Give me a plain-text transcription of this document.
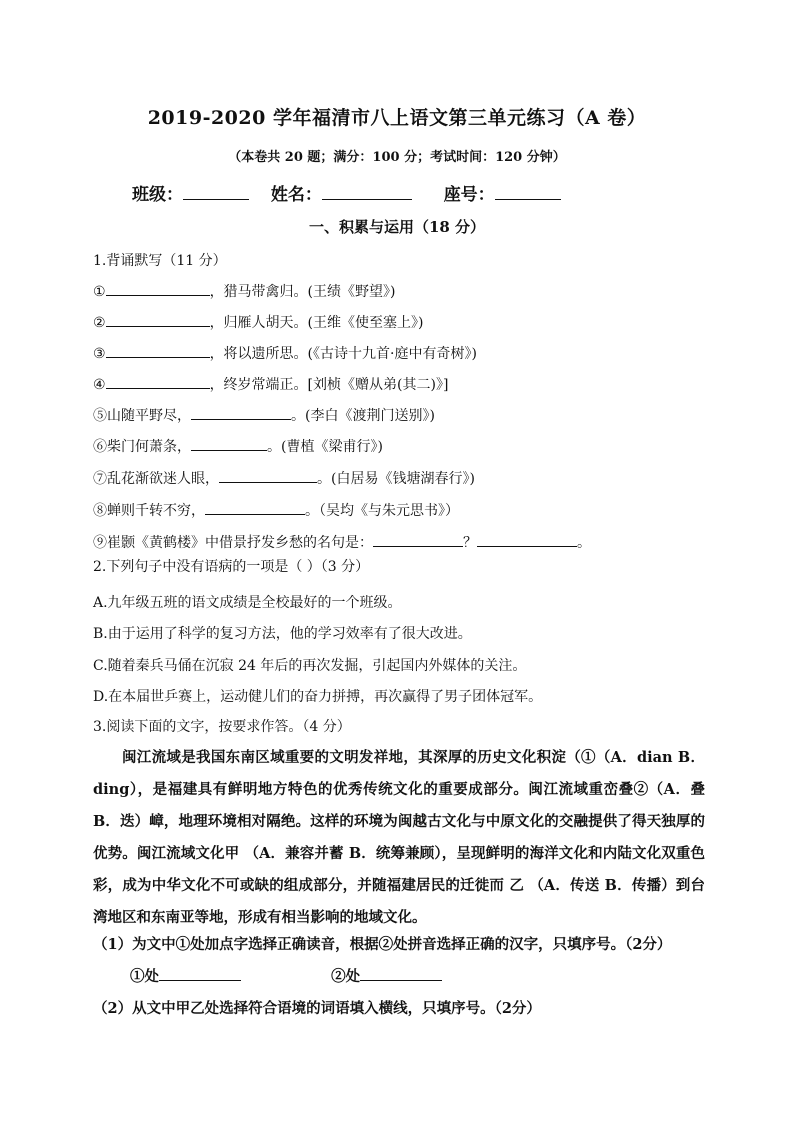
2019-2020 学年福清市八上语文第三单元练习（A 卷）
（本卷共 20 题；满分：100 分；考试时间：120 分钟）
班级：	姓名：	座号：
一、积累与运用（18 分）
1.背诵默写（11 分）
①	，猎马带禽归。(王绩《野望》)
②	，归雁人胡天。(王维《使至塞上》)
③	，将以遗所思。(《古诗十九首·庭中有奇树》)
④	，终岁常端正。[刘桢《赠从弟(其二)》]
⑤山随平野尽，	。(李白《渡荆门送别》)
⑥柴门何萧条，	。(曹植《梁甫行》)
⑦乱花渐欲迷人眼，	。(白居易《钱塘湖春行》)
⑧蝉则千转不穷，	。（吴均《与朱元思书》）
⑨崔颢《黄鹤楼》中借景抒发乡愁的名句是：	？	。
2.下列句子中没有语病的一项是（ ）（3 分）
A.九年级五班的语文成绩是全校最好的一个班级。
B.由于运用了科学的复习方法，他的学习效率有了很大改进。
C.随着秦兵马俑在沉寂 24 年后的再次发掘，引起国内外媒体的关注。
D.在本届世乒赛上，运动健儿们的奋力拼搏，再次赢得了男子团体冠军。
3.阅读下面的文字，按要求作答。（4 分）
闽江流域是我国东南区域重要的文明发祥地，其深厚的历史文化积淀（①（A．dian B．ding），是福建具有鲜明地方特色的优秀传统文化的重要成部分。闽江流域重峦叠②（A．叠 B．迭）嶂，地理环境相对隔绝。这样的环境为闽越古文化与中原文化的交融提供了得天独厚的优势。闽江流域文化甲 （A．兼容并蓄 B．统筹兼顾），呈现鲜明的海洋文化和内陆文化双重色彩，成为中华文化不可或缺的组成部分，并随福建居民的迁徙而 乙 （A．传送 B．传播）到台湾地区和东南亚等地，形成有相当影响的地域文化。
（1）为文中①处加点字选择正确读音，根据②处拼音选择正确的汉字，只填序号。（2分）
①处	②处
（2）从文中甲乙处选择符合语境的词语填入横线，只填序号。（2分）
